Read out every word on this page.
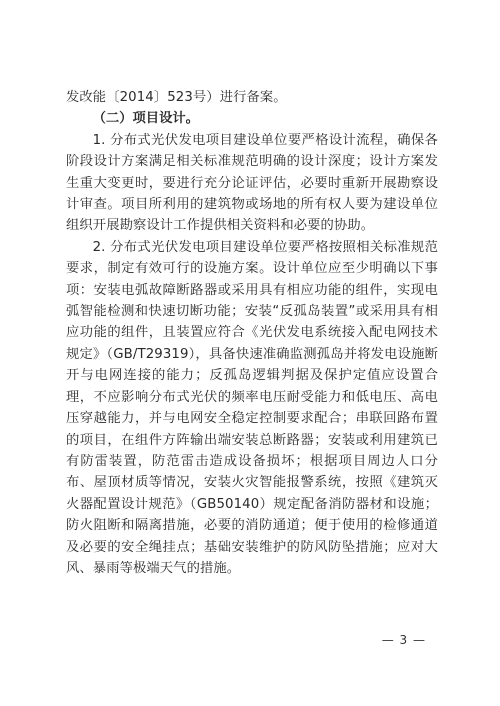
发改能〔2014〕523号）进行备案。

（二）项目设计。

1. 分布式光伏发电项目建设单位要严格设计流程，确保各阶段设计方案满足相关标准规范明确的设计深度；设计方案发生重大变更时，要进行充分论证评估，必要时重新开展勘察设计审查。项目所利用的建筑物或场地的所有权人要为建设单位组织开展勘察设计工作提供相关资料和必要的协助。

2. 分布式光伏发电项目建设单位要严格按照相关标准规范要求，制定有效可行的设施方案。设计单位应至少明确以下事项：安装电弧故障断路器或采用具有相应功能的组件，实现电弧智能检测和快速切断功能；安装“反孤岛装置”或采用具有相应功能的组件，且装置应符合《光伏发电系统接入配电网技术规定》（GB/T29319），具备快速准确监测孤岛并将发电设施断开与电网连接的能力；反孤岛逻辑判据及保护定值应设置合理，不应影响分布式光伏的频率电压耐受能力和低电压、高电压穿越能力，并与电网安全稳定控制要求配合；串联回路布置的项目，在组件方阵输出端安装总断路器；安装或利用建筑已有防雷装置，防范雷击造成设备损坏；根据项目周边人口分布、屋顶材质等情况，安装火灾智能报警系统，按照《建筑灭火器配置设计规范》（GB50140）规定配备消防器材和设施；防火阻断和隔离措施，必要的消防通道；便于使用的检修通道及必要的安全绳挂点；基础安装维护的防风防坠措施；应对大风、暴雨等极端天气的措施。

— 3 —
